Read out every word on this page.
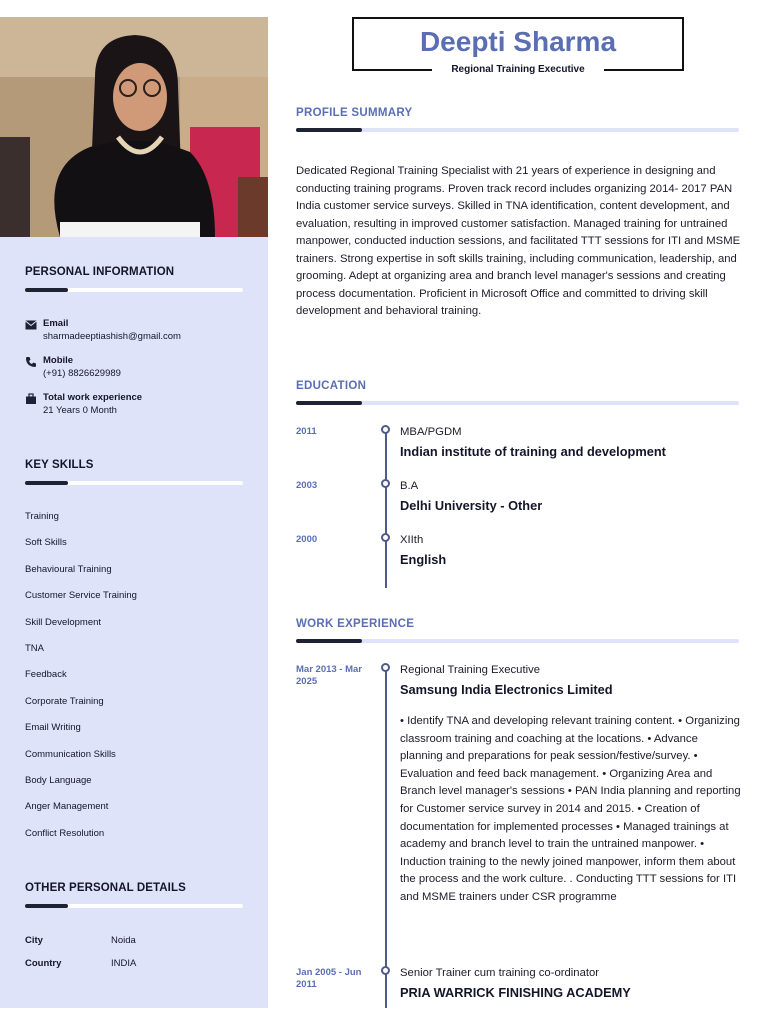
PERSONAL INFORMATION
Email
sharmadeeptiashish@gmail.com
Mobile
(+91) 8826629989
Total work experience
21 Years 0 Month
KEY SKILLS
Training
Soft Skills
Behavioural Training
Customer Service Training
Skill Development
TNA
Feedback
Corporate Training
Email Writing
Communication Skills
Body Language
Anger Management
Conflict Resolution
OTHER PERSONAL DETAILS
City	Noida
Country	INDIA
Deepti Sharma
Regional Training Executive
PROFILE SUMMARY
Dedicated Regional Training Specialist with 21 years of experience in designing and conducting training programs. Proven track record includes organizing 2014- 2017 PAN India customer service surveys. Skilled in TNA identification, content development, and evaluation, resulting in improved customer satisfaction. Managed training for untrained manpower, conducted induction sessions, and facilitated TTT sessions for ITI and MSME trainers. Strong expertise in soft skills training, including communication, leadership, and grooming. Adept at organizing area and branch level manager's sessions and creating process documentation. Proficient in Microsoft Office and committed to driving skill development and behavioral training.
EDUCATION
2011	MBA/PGDM
Indian institute of training and development
2003	B.A
Delhi University - Other
2000	XIIth
English
WORK EXPERIENCE
Mar 2013 - Mar 2025
Regional Training Executive
Samsung India Electronics Limited
• Identify TNA and developing relevant training content. • Organizing classroom training and coaching at the locations. • Advance planning and preparations for peak session/festive/survey. • Evaluation and feed back management. • Organizing Area and Branch level manager's sessions • PAN India planning and reporting for Customer service survey in 2014 and 2015. • Creation of documentation for implemented processes • Managed trainings at academy and branch level to train the untrained manpower. • Induction training to the newly joined manpower, inform them about the process and the work culture. . Conducting TTT sessions for ITI and MSME trainers under CSR programme
Jan 2005 - Jun 2011
Senior Trainer cum training co-ordinator
PRIA WARRICK FINISHING ACADEMY
